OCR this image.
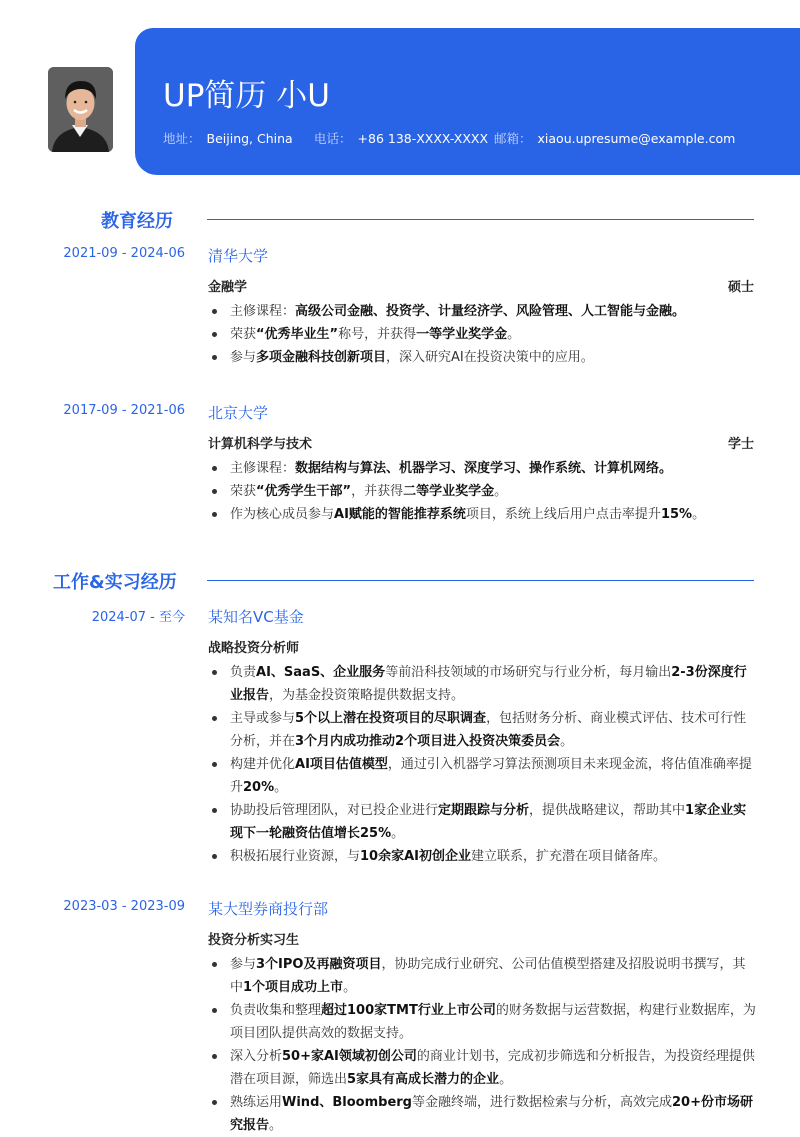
UP简历 小U
地址： Beijing, China 电话： +86 138-XXXX-XXXX 邮箱： xiaou.upresume@example.com
教育经历
2021-09 - 2024-06 清华大学
金融学	硕士
主修课程：高级公司金融、投资学、计量经济学、风险管理、人工智能与金融。
荣获“优秀毕业生”称号，并获得一等学业奖学金。
参与多项金融科技创新项目，深入研究AI在投资决策中的应用。
2017-09 - 2021-06 北京大学
计算机科学与技术	学士
主修课程：数据结构与算法、机器学习、深度学习、操作系统、计算机网络。
荣获“优秀学生干部”，并获得二等学业奖学金。
作为核心成员参与AI赋能的智能推荐系统项目，系统上线后用户点击率提升15%。
工作&实习经历
2024-07 - 至今 某知名VC基金
战略投资分析师
负责AI、SaaS、企业服务等前沿科技领域的市场研究与行业分析，每月输出2-3份深度行业报告，为基金投资策略提供数据支持。
主导或参与5个以上潜在投资项目的尽职调查，包括财务分析、商业模式评估、技术可行性分析，并在3个月内成功推动2个项目进入投资决策委员会。
构建并优化AI项目估值模型，通过引入机器学习算法预测项目未来现金流，将估值准确率提升20%。
协助投后管理团队，对已投企业进行定期跟踪与分析，提供战略建议，帮助其中1家企业实现下一轮融资估值增长25%。
积极拓展行业资源，与10余家AI初创企业建立联系，扩充潜在项目储备库。
2023-03 - 2023-09 某大型券商投行部
投资分析实习生
参与3个IPO及再融资项目，协助完成行业研究、公司估值模型搭建及招股说明书撰写，其中1个项目成功上市。
负责收集和整理超过100家TMT行业上市公司的财务数据与运营数据，构建行业数据库，为项目团队提供高效的数据支持。
深入分析50+家AI领域初创公司的商业计划书，完成初步筛选和分析报告，为投资经理提供潜在项目源，筛选出5家具有高成长潜力的企业。
熟练运用Wind、Bloomberg等金融终端，进行数据检索与分析，高效完成20+份市场研究报告。
